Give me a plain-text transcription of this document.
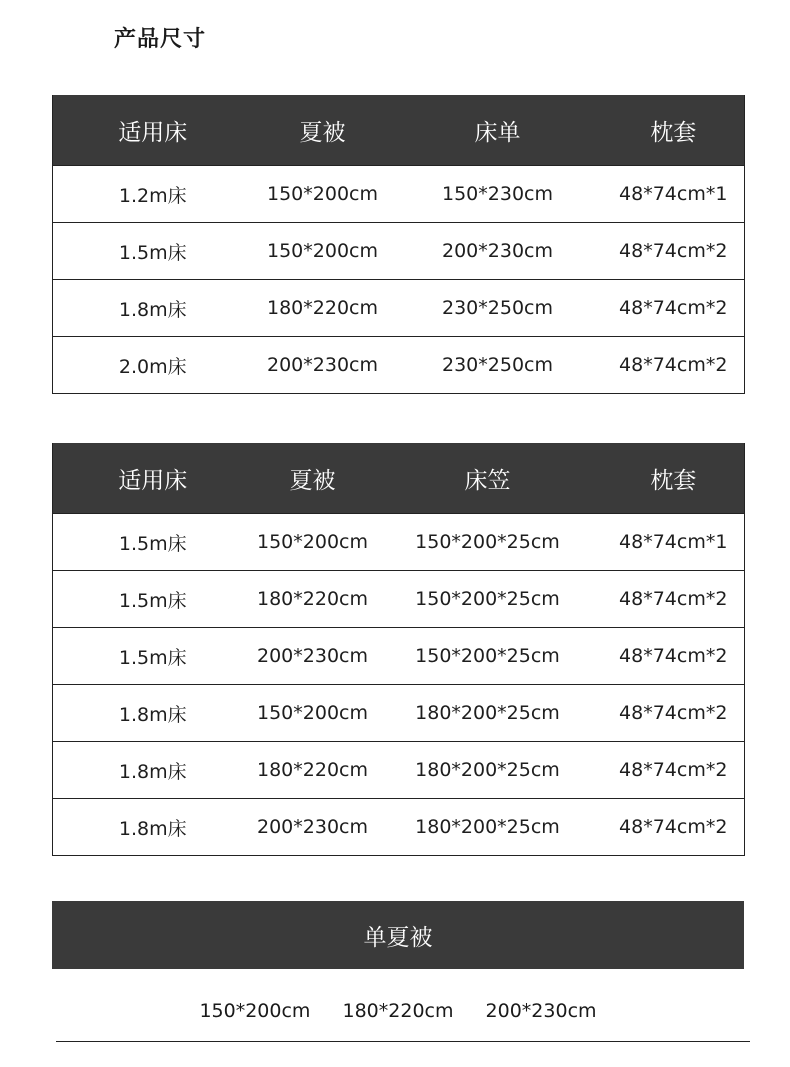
产品尺寸
适用床	夏被	床单	枕套
1.2m床	150*200cm	150*230cm	48*74cm*1
1.5m床	150*200cm	200*230cm	48*74cm*2
1.8m床	180*220cm	230*250cm	48*74cm*2
2.0m床	200*230cm	230*250cm	48*74cm*2
适用床	夏被	床笠	枕套
1.5m床	150*200cm	150*200*25cm	48*74cm*1
1.5m床	180*220cm	150*200*25cm	48*74cm*2
1.5m床	200*230cm	150*200*25cm	48*74cm*2
1.8m床	150*200cm	180*200*25cm	48*74cm*2
1.8m床	180*220cm	180*200*25cm	48*74cm*2
1.8m床	200*230cm	180*200*25cm	48*74cm*2
单夏被
150*200cm 180*220cm 200*230cm
